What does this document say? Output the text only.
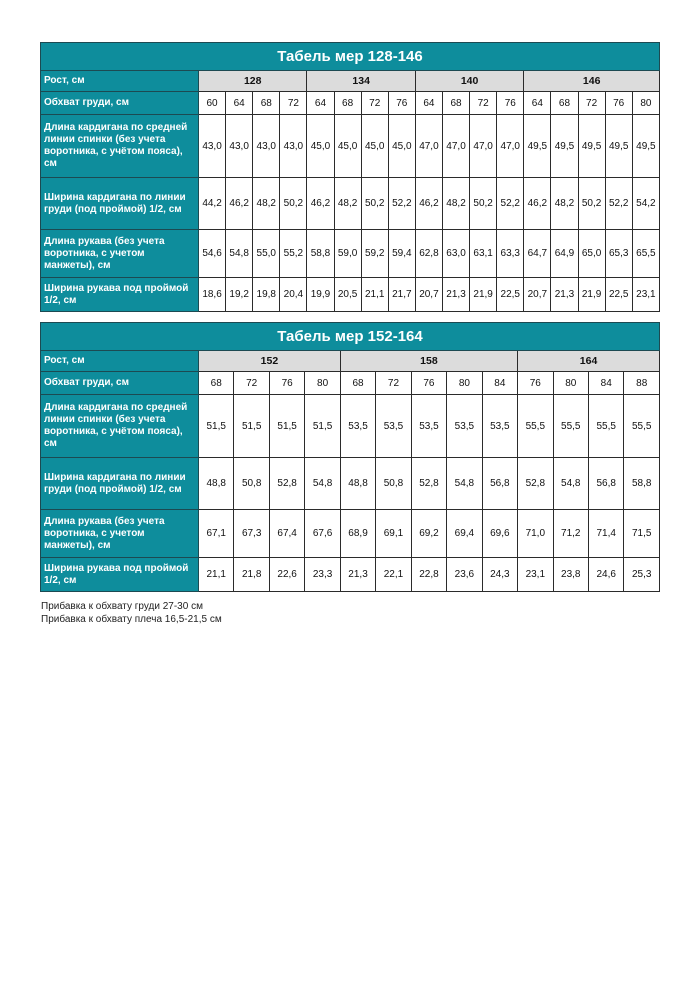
Табель мер 128-146																	
Рост, см	128				134				140				146				
Обхват груди, см	60	64	68	72	64	68	72	76	64	68	72	76	64	68	72	76	80
Длина кардигана по средней линии спинки (без учета воротника, с учётом пояса), см	43,0	43,0	43,0	43,0	45,0	45,0	45,0	45,0	47,0	47,0	47,0	47,0	49,5	49,5	49,5	49,5	49,5
Ширина кардигана по линии груди (под проймой) 1/2, см	44,2	46,2	48,2	50,2	46,2	48,2	50,2	52,2	46,2	48,2	50,2	52,2	46,2	48,2	50,2	52,2	54,2
Длина рукава (без учета воротника, с учетом манжеты), см	54,6	54,8	55,0	55,2	58,8	59,0	59,2	59,4	62,8	63,0	63,1	63,3	64,7	64,9	65,0	65,3	65,5
Ширина рукава под проймой 1/2, см	18,6	19,2	19,8	20,4	19,9	20,5	21,1	21,7	20,7	21,3	21,9	22,5	20,7	21,3	21,9	22,5	23,1
Табель мер 152-164													
Рост, см	152				158					164			
Обхват груди, см	68	72	76	80	68	72	76	80	84	76	80	84	88
Длина кардигана по средней линии спинки (без учета воротника, с учётом пояса), см	51,5	51,5	51,5	51,5	53,5	53,5	53,5	53,5	53,5	55,5	55,5	55,5	55,5
Ширина кардигана по линии груди (под проймой) 1/2, см	48,8	50,8	52,8	54,8	48,8	50,8	52,8	54,8	56,8	52,8	54,8	56,8	58,8
Длина рукава (без учета воротника, с учетом манжеты), см	67,1	67,3	67,4	67,6	68,9	69,1	69,2	69,4	69,6	71,0	71,2	71,4	71,5
Ширина рукава под проймой 1/2, см	21,1	21,8	22,6	23,3	21,3	22,1	22,8	23,6	24,3	23,1	23,8	24,6	25,3
Прибавка к обхвату груди 27-30 см
Прибавка к обхвату плеча 16,5-21,5 см
